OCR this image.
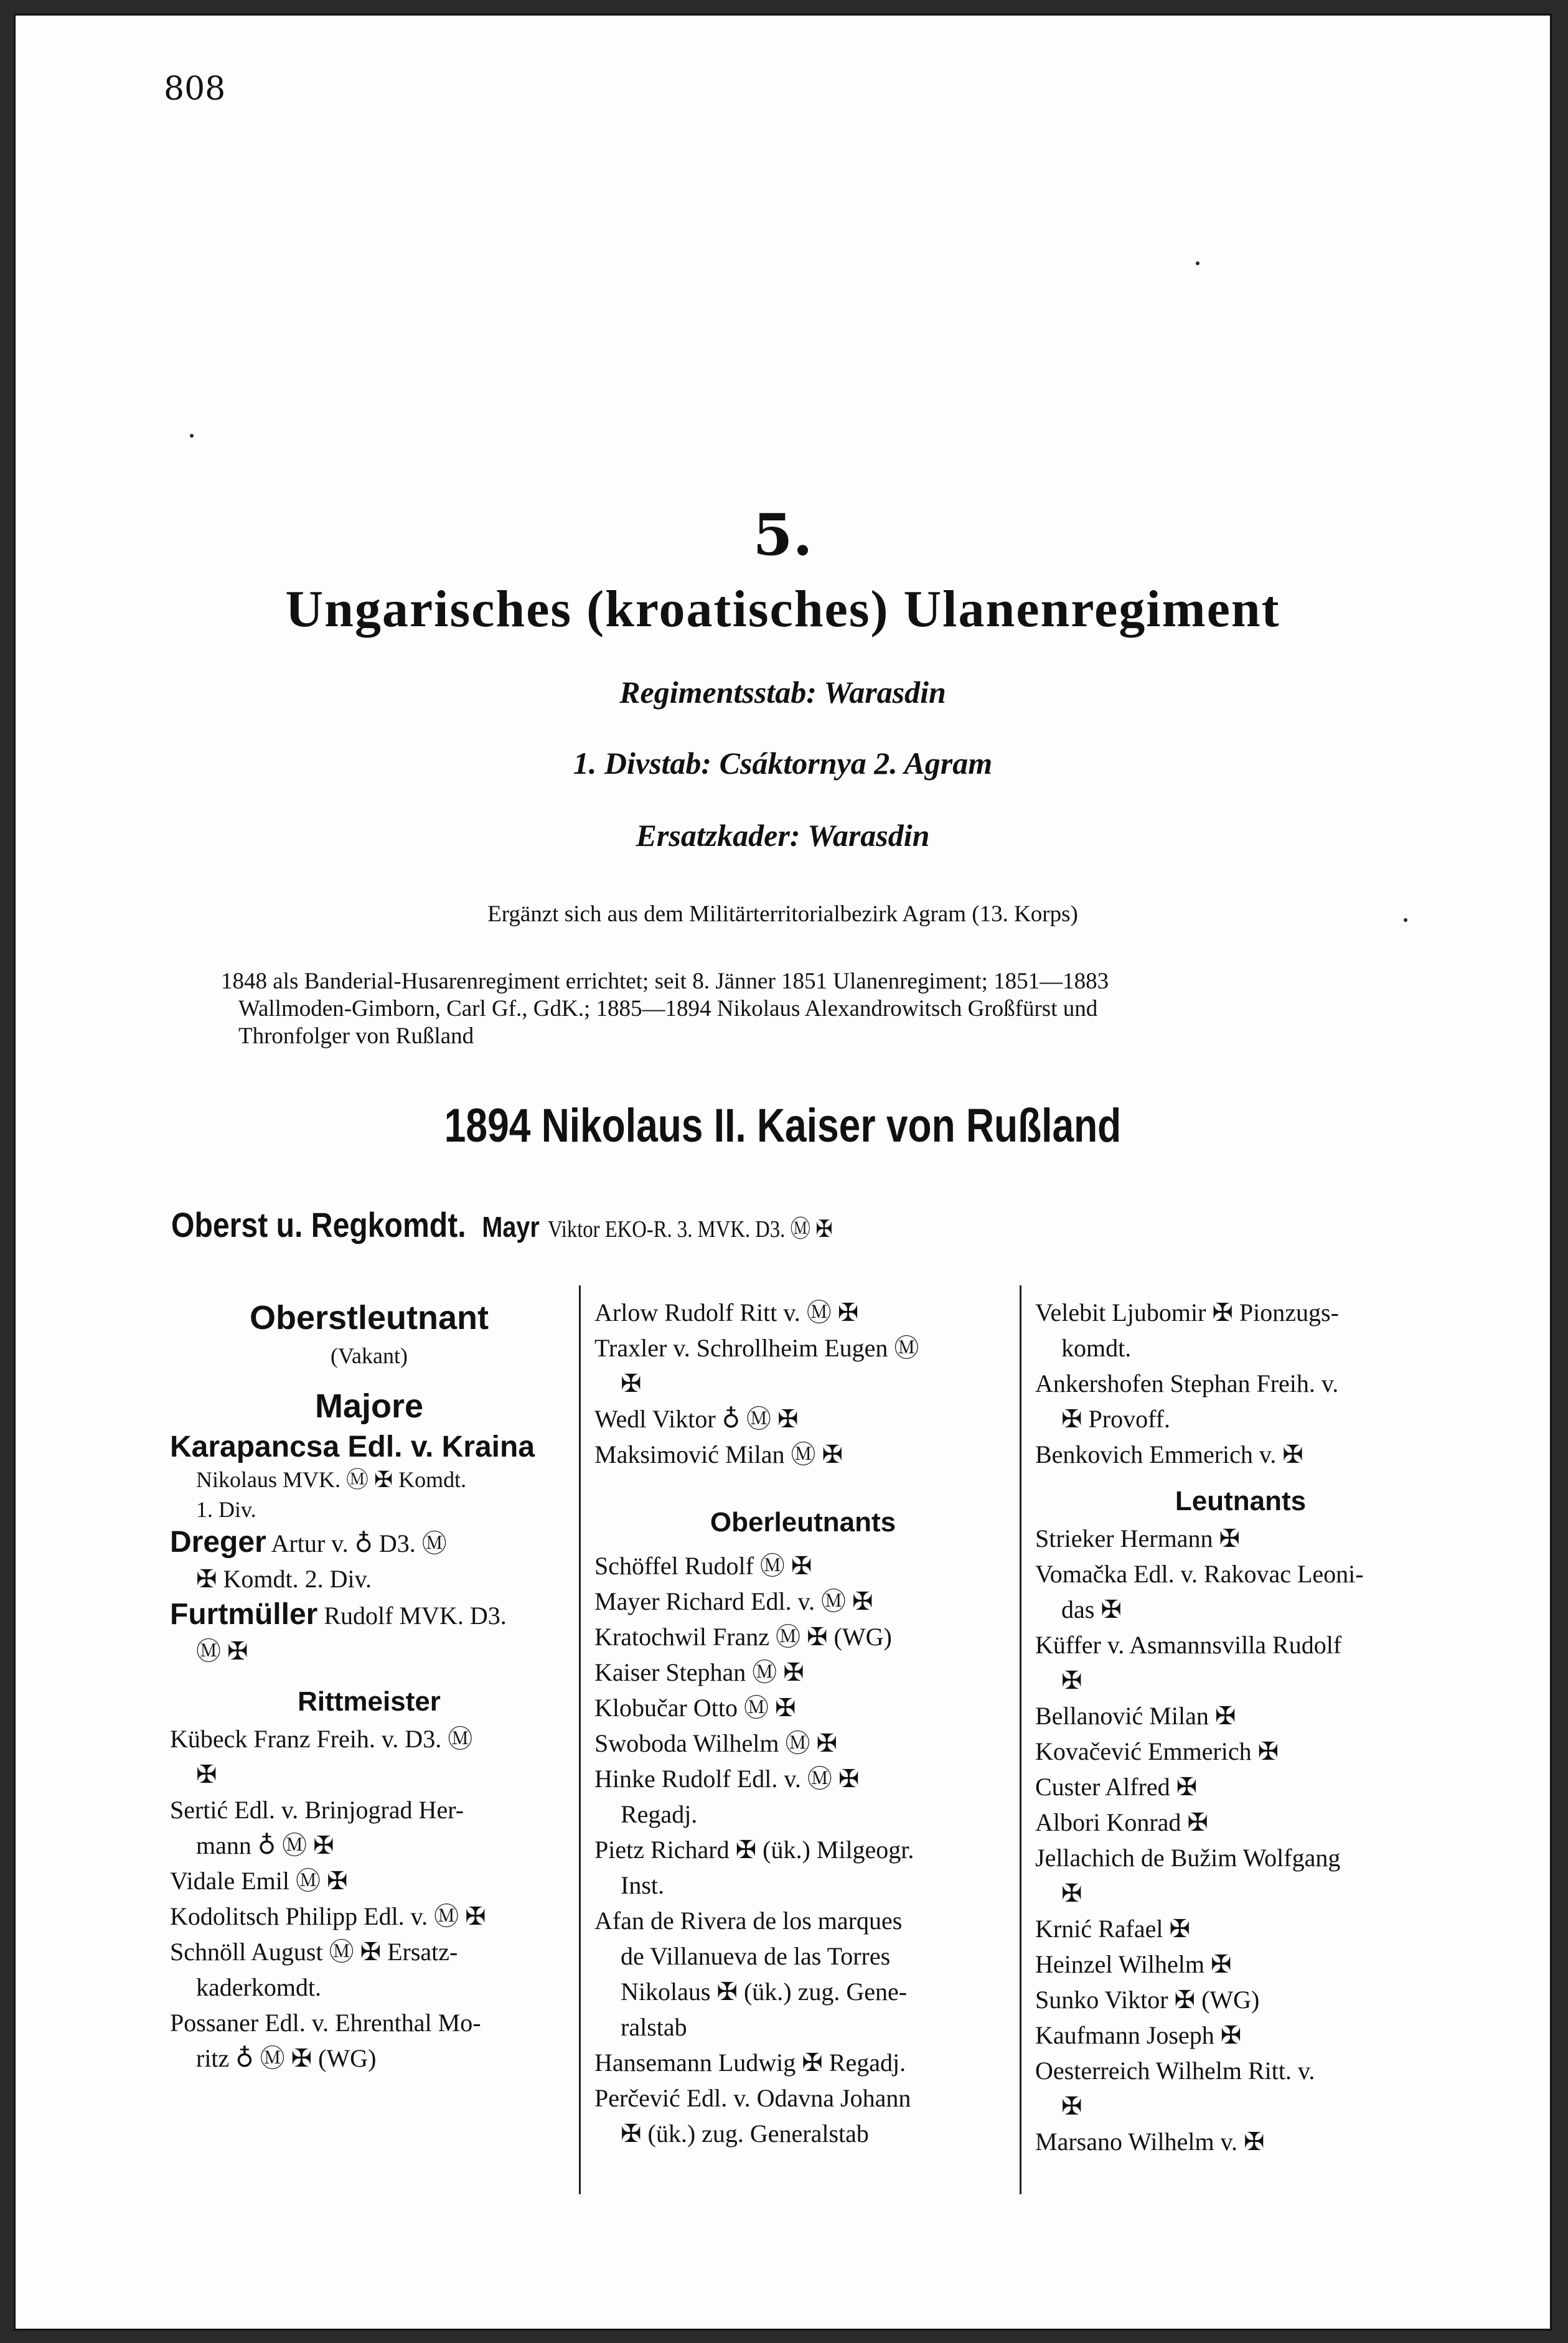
808
5.
Ungarisches (kroatisches) Ulanenregiment
Regimentsstab: Warasdin
1. Divstab: Csáktornya 2. Agram
Ersatzkader: Warasdin
Ergänzt sich aus dem Militärterritorialbezirk Agram (13. Korps)
1848 als Banderial-Husarenregiment errichtet; seit 8. Jänner 1851 Ulanenregiment; 1851—1883
Wallmoden-Gimborn, Carl Gf., GdK.; 1885—1894 Nikolaus Alexandrowitsch Großfürst und
Thronfolger von Rußland
1894 Nikolaus II. Kaiser von Rußland
Oberst u. Regkomdt. Mayr Viktor EKO-R. 3. MVK. D3. Ⓜ ✠
Oberstleutnant
(Vakant)
Majore
Karapancsa Edl. v. Kraina
Nikolaus MVK. Ⓜ ✠ Komdt.
1. Div.
Dreger Artur v. ♁ D3. Ⓜ
✠ Komdt. 2. Div.
Furtmüller Rudolf MVK. D3.
Ⓜ ✠
Rittmeister
Kübeck Franz Freih. v. D3. Ⓜ
✠
Sertić Edl. v. Brinjograd Her-
mann ♁ Ⓜ ✠
Vidale Emil Ⓜ ✠
Kodolitsch Philipp Edl. v. Ⓜ ✠
Schnöll August Ⓜ ✠ Ersatz-
kaderkomdt.
Possaner Edl. v. Ehrenthal Mo-
ritz ♁ Ⓜ ✠ (WG)
Arlow Rudolf Ritt v. Ⓜ ✠
Traxler v. Schrollheim Eugen Ⓜ
✠
Wedl Viktor ♁ Ⓜ ✠
Maksimović Milan Ⓜ ✠
Oberleutnants
Schöffel Rudolf Ⓜ ✠
Mayer Richard Edl. v. Ⓜ ✠
Kratochwil Franz Ⓜ ✠ (WG)
Kaiser Stephan Ⓜ ✠
Klobučar Otto Ⓜ ✠
Swoboda Wilhelm Ⓜ ✠
Hinke Rudolf Edl. v. Ⓜ ✠
Regadj.
Pietz Richard ✠ (ük.) Milgeogr.
Inst.
Afan de Rivera de los marques
de Villanueva de las Torres
Nikolaus ✠ (ük.) zug. Gene-
ralstab
Hansemann Ludwig ✠ Regadj.
Perčević Edl. v. Odavna Johann
✠ (ük.) zug. Generalstab
Velebit Ljubomir ✠ Pionzugs-
komdt.
Ankershofen Stephan Freih. v.
✠ Provoff.
Benkovich Emmerich v. ✠
Leutnants
Strieker Hermann ✠
Vomačka Edl. v. Rakovac Leoni-
das ✠
Küffer v. Asmannsvilla Rudolf
✠
Bellanović Milan ✠
Kovačević Emmerich ✠
Custer Alfred ✠
Albori Konrad ✠
Jellachich de Bužim Wolfgang
✠
Krnić Rafael ✠
Heinzel Wilhelm ✠
Sunko Viktor ✠ (WG)
Kaufmann Joseph ✠
Oesterreich Wilhelm Ritt. v.
✠
Marsano Wilhelm v. ✠
